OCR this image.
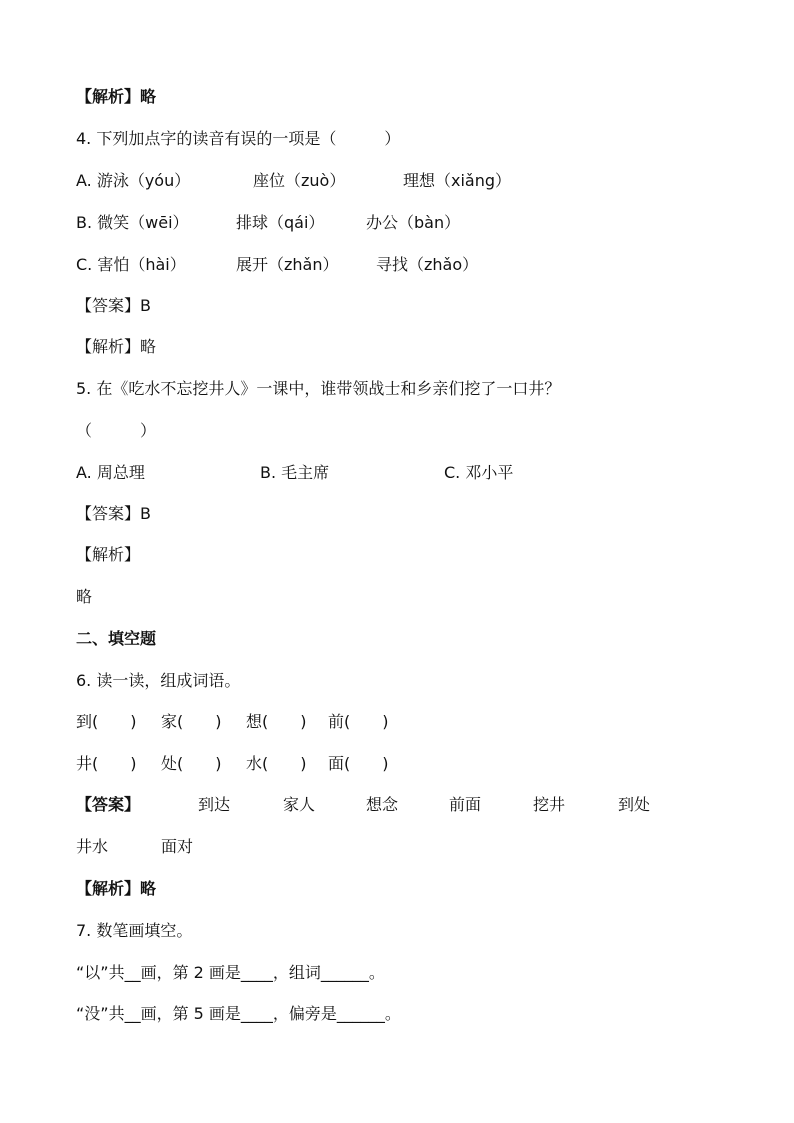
【解析】略
4. 下列加点字的读音有误的一项是（　　　）
A. 游泳（yóu）	座位（zuò）	理想（xiǎng）
B. 微笑（wēi）	排球（qái）	办公（bàn）
C. 害怕（hài）	展开（zhǎn） 寻找（zhǎo）
【答案】B
【解析】略
5. 在《吃水不忘挖井人》一课中，谁带领战士和乡亲们挖了一口井？
（　　　）
A. 周总理	B. 毛主席	C. 邓小平
【答案】B
【解析】
略
二、填空题
6. 读一读，组成词语。
到(　　) 家(　　) 想(　　) 前(　　)
井(　　) 处(　　) 水(　　) 面(　　)
【答案】	到达	家人	想念	前面	挖井	到处
井水	面对
【解析】略
7. 数笔画填空。
“以”共__画，第 2 画是____，组词______。
“没”共__画，第 5 画是____，偏旁是______。
